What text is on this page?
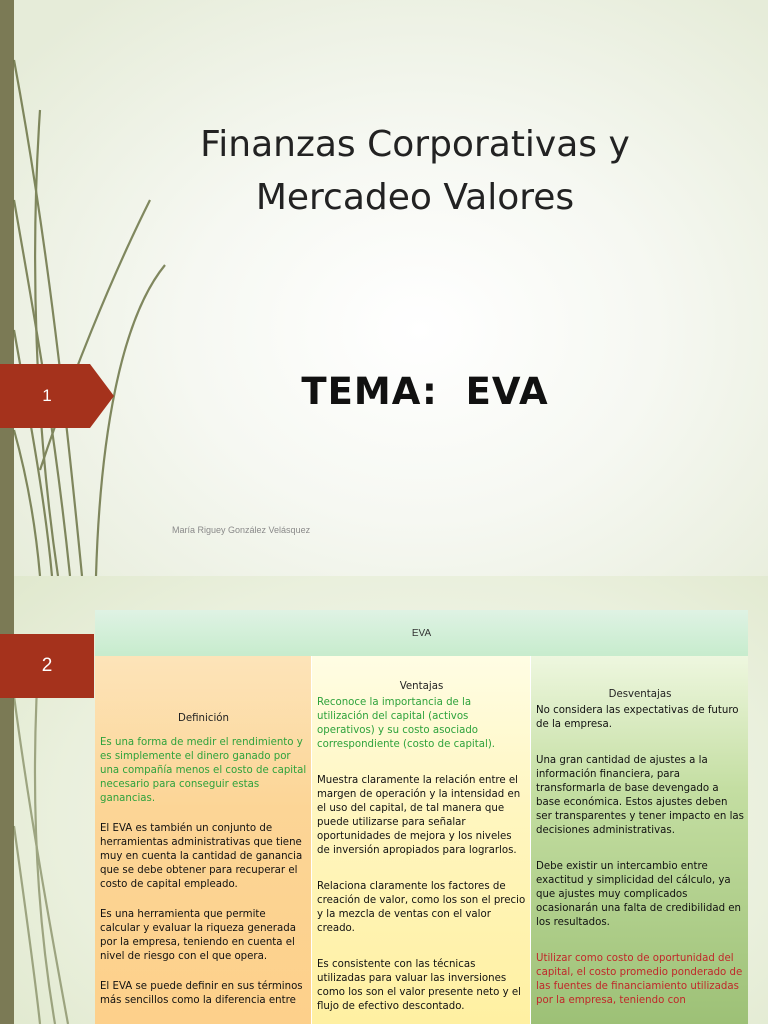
1
Finanzas Corporativas y
Mercadeo Valores
TEMA:  EVA
María Riguey González Velásquez
2
EVA
Definición

Es una forma de medir el rendimiento y es simplemente el dinero ganado por una compañía menos el costo de capital necesario para conseguir estas ganancias.

El EVA es también un conjunto de herramientas administrativas que tiene muy en cuenta la cantidad de ganancia que se debe obtener para recuperar el costo de capital empleado.

Es una herramienta que permite calcular y evaluar la riqueza generada por la empresa, teniendo en cuenta el nivel de riesgo con el que opera.

El EVA se puede definir en sus términos más sencillos como la diferencia entre

Ventajas

Reconoce la importancia de la utilización del capital (activos operativos) y su costo asociado correspondiente (costo de capital).

Muestra claramente la relación entre el margen de operación y la intensidad en el uso del capital, de tal manera que puede utilizarse para señalar oportunidades de mejora y los niveles de inversión apropiados para lograrlos.

Relaciona claramente los factores de creación de valor, como los son el precio y la mezcla de ventas con el valor creado.

Es consistente con las técnicas utilizadas para valuar las inversiones como los son el valor presente neto y el flujo de efectivo descontado.

Desventajas

No considera las expectativas de futuro de la empresa.

Una gran cantidad de ajustes a la información financiera, para transformarla de base devengado a base económica. Estos ajustes deben ser transparentes y tener impacto en las decisiones administrativas.

Debe existir un intercambio entre exactitud y simplicidad del cálculo, ya que ajustes muy complicados ocasionarán una falta de credibilidad en los resultados.

Utilizar como costo de oportunidad del capital, el costo promedio ponderado de las fuentes de financiamiento utilizadas por la empresa, teniendo con
